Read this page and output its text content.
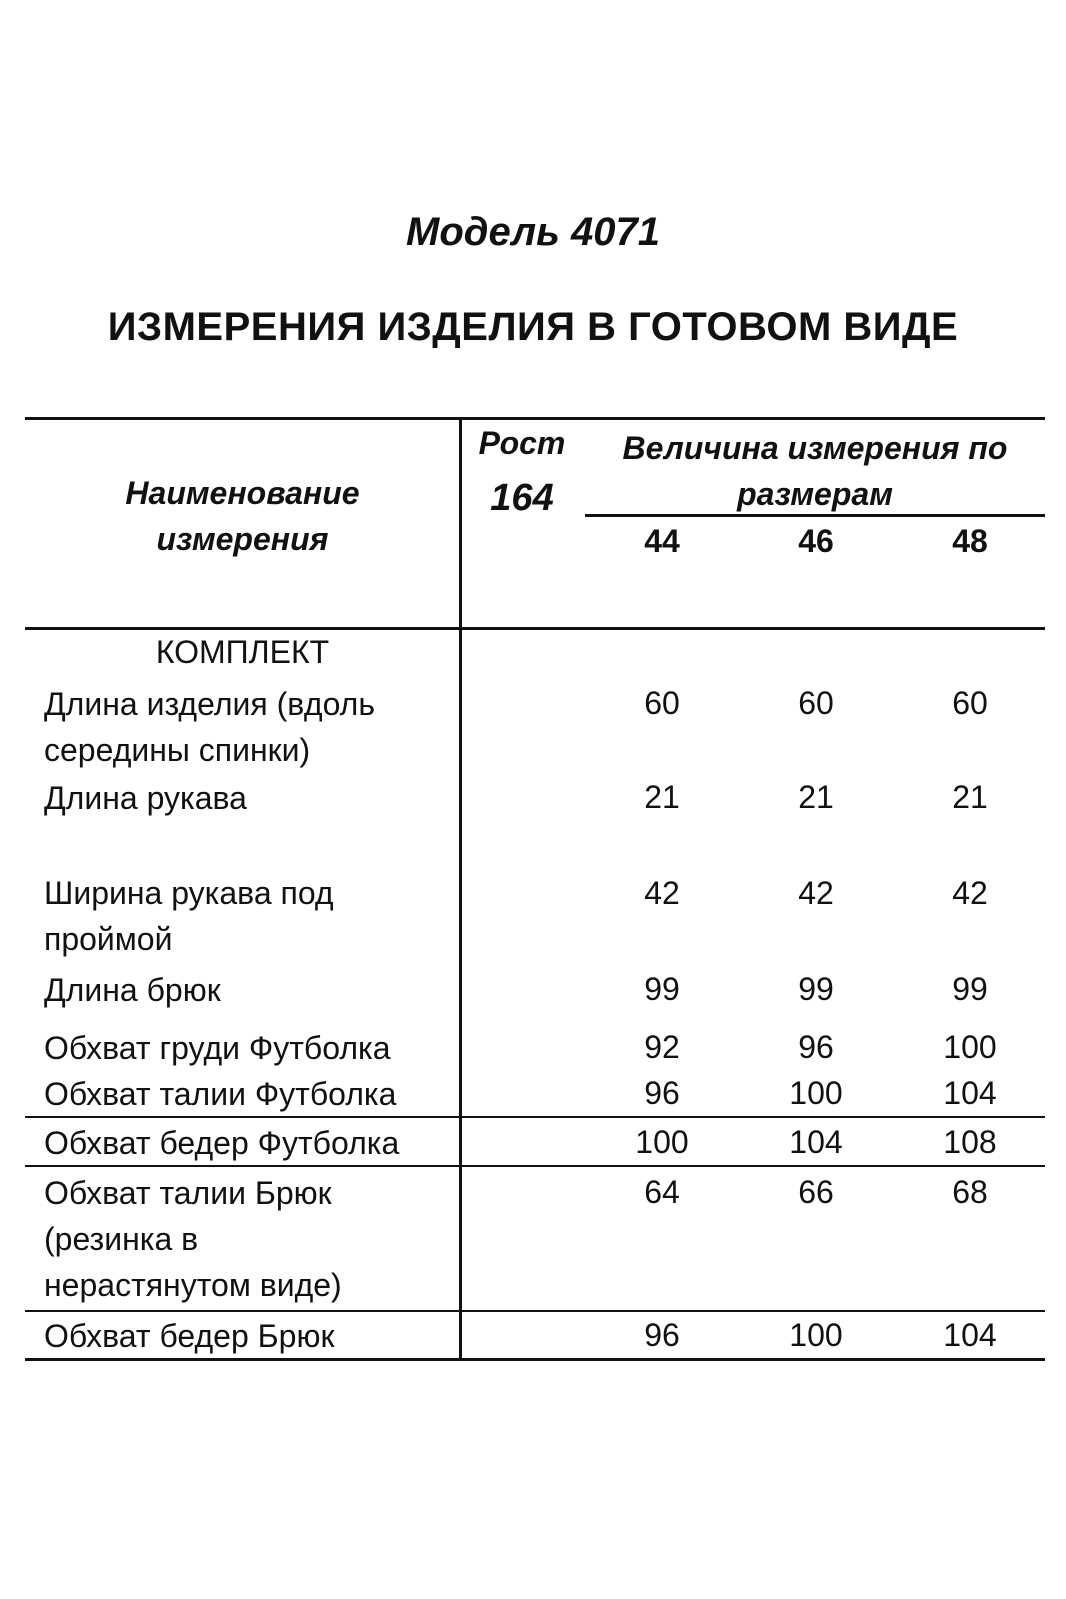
Модель 4071
ИЗМЕРЕНИЯ ИЗДЕЛИЯ В ГОТОВОМ ВИДЕ
Наименование
измерения
Рост
164
Величина измерения по
размерам
44	46	48
КОМПЛЕКТ
Длина изделия (вдоль
середины спинки)
60	60	60
Длина рукава	21	21	21
Ширина рукава под
проймой
42	42	42
Длина брюк	99	99	99
Обхват груди Футболка	92	96	100
Обхват талии Футболка	96	100	104
Обхват бедер Футболка	100	104	108
Обхват талии Брюк
(резинка в
нерастянутом виде)
64	66	68
Обхват бедер Брюк	96	100	104
